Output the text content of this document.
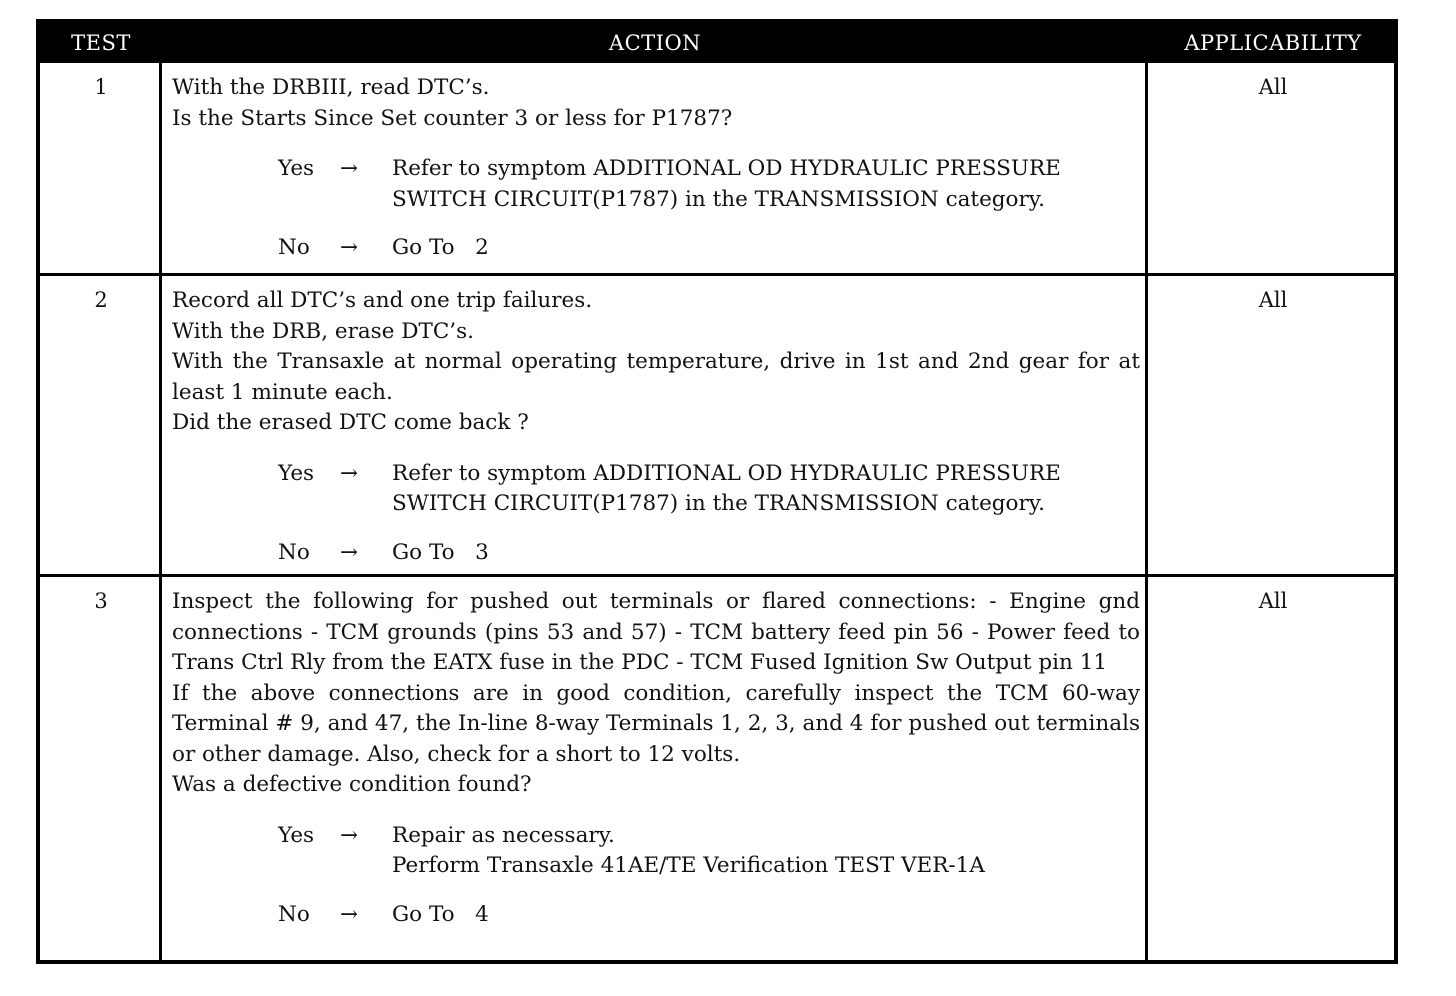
TEST	ACTION	APPLICABILITY
1	With the DRBIII, read DTC’s.

Is the Starts Since Set counter 3 or less for P1787?

Yes	→	Refer to symptom ADDITIONAL OD HYDRAULIC PRESSURE
SWITCH CIRCUIT(P1787) in the TRANSMISSION category.
No	→	Go To   2
All
2	Record all DTC’s and one trip failures.

With the DRB, erase DTC’s.

With the Transaxle at normal operating temperature, drive in 1st and 2nd gear for at least 1 minute each.

Did the erased DTC come back ?

Yes	→	Refer to symptom ADDITIONAL OD HYDRAULIC PRESSURE
SWITCH CIRCUIT(P1787) in the TRANSMISSION category.
No	→	Go To   3
All
3	Inspect the following for pushed out terminals or flared connections: - Engine gnd connections - TCM grounds (pins 53 and 57) - TCM battery feed pin 56 - Power feed to Trans Ctrl Rly from the EATX fuse in the PDC - TCM Fused Ignition Sw Output pin 11

If the above connections are in good condition, carefully inspect the TCM 60-way Terminal # 9, and 47, the In-line 8-way Terminals 1, 2, 3, and 4 for pushed out terminals or other damage. Also, check for a short to 12 volts.

Was a defective condition found?

Yes	→	Repair as necessary.
Perform Transaxle 41AE/TE Verification TEST VER-1A
No	→	Go To   4
All
